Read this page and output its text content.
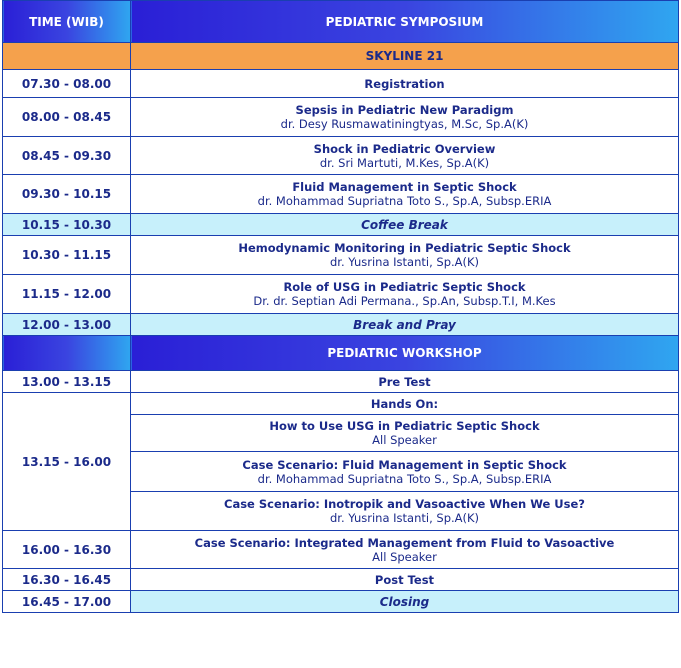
TIME (WIB)	PEDIATRIC SYMPOSIUM
	SKYLINE 21
07.30 - 08.00	Registration

08.00 - 08.45	Sepsis in Pediatric New Paradigm
dr. Desy Rusmawatiningtyas, M.Sc, Sp.A(K)

08.45 - 09.30	Shock in Pediatric Overview
dr. Sri Martuti, M.Kes, Sp.A(K)

09.30 - 10.15	Fluid Management in Septic Shock
dr. Mohammad Supriatna Toto S., Sp.A, Subsp.ERIA

10.15 - 10.30	Coffee Break
10.30 - 11.15	Hemodynamic Monitoring in Pediatric Septic Shock
dr. Yusrina Istanti, Sp.A(K)

11.15 - 12.00	Role of USG in Pediatric Septic Shock
Dr. dr. Septian Adi Permana., Sp.An, Subsp.T.I, M.Kes

12.00 - 13.00	Break and Pray
	PEDIATRIC WORKSHOP
13.00 - 13.15	Pre Test

13.15 - 16.00	Hands On:

	How to Use USG in Pediatric Septic Shock
All Speaker

	Case Scenario: Fluid Management in Septic Shock
dr. Mohammad Supriatna Toto S., Sp.A, Subsp.ERIA

	Case Scenario: Inotropik and Vasoactive When We Use?
dr. Yusrina Istanti, Sp.A(K)

16.00 - 16.30	Case Scenario: Integrated Management from Fluid to Vasoactive
All Speaker

16.30 - 16.45	Post Test

16.45 - 17.00	Closing
